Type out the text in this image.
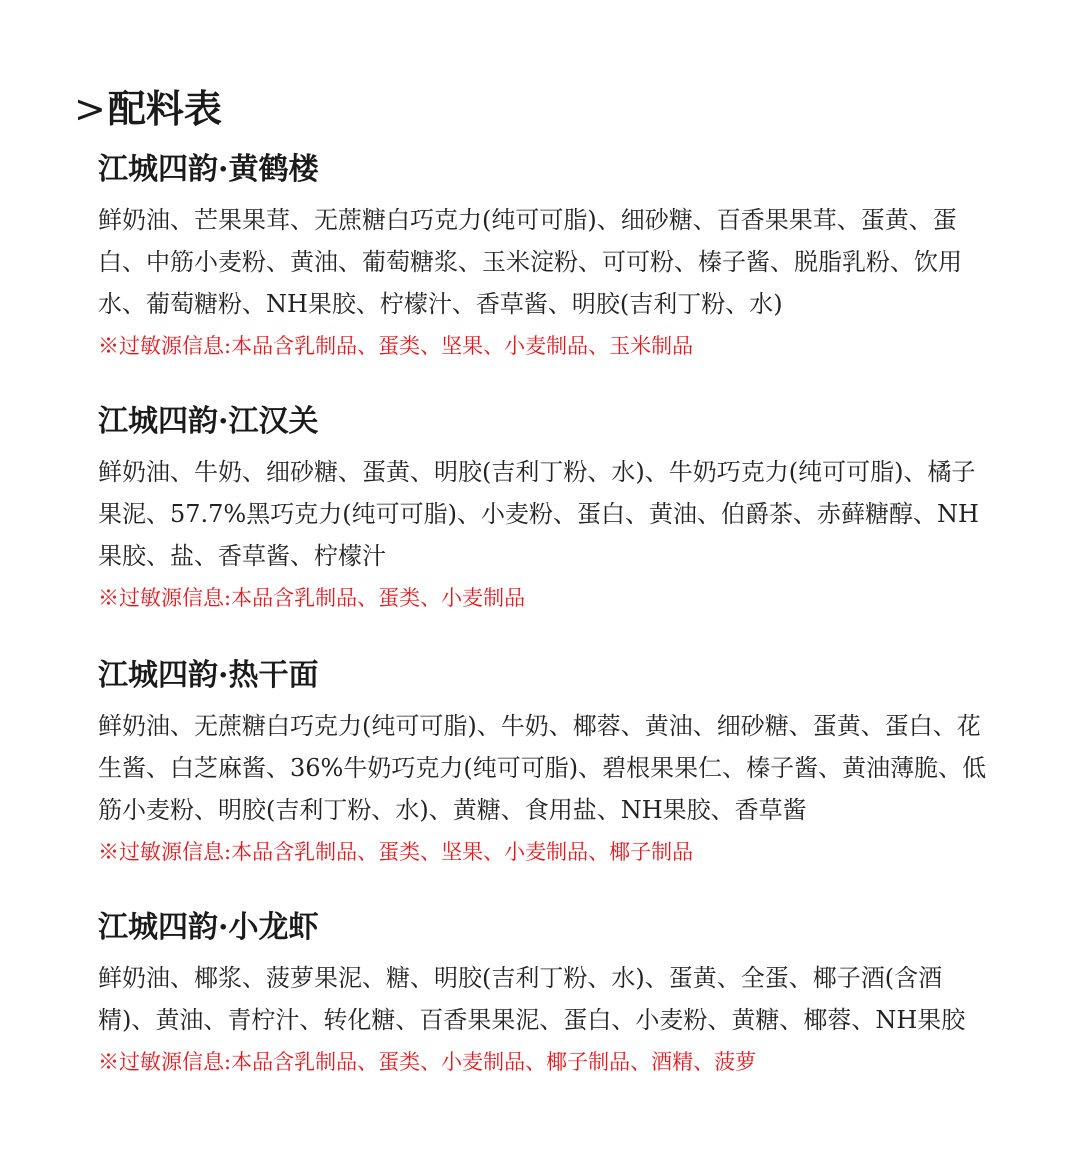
>配料表
江城四韵·黄鹤楼
鲜奶油、芒果果茸、无蔗糖白巧克力(纯可可脂)、细砂糖、百香果果茸、蛋黄、蛋白、中筋小麦粉、黄油、葡萄糖浆、玉米淀粉、可可粉、榛子酱、脱脂乳粉、饮用水、葡萄糖粉、NH果胶、柠檬汁、香草酱、明胶(吉利丁粉、水)
※过敏源信息:本品含乳制品、蛋类、坚果、小麦制品、玉米制品
江城四韵·江汉关
鲜奶油、牛奶、细砂糖、蛋黄、明胶(吉利丁粉、水)、牛奶巧克力(纯可可脂)、橘子果泥、57.7%黑巧克力(纯可可脂)、小麦粉、蛋白、黄油、伯爵茶、赤藓糖醇、NH果胶、盐、香草酱、柠檬汁
※过敏源信息:本品含乳制品、蛋类、小麦制品
江城四韵·热干面
鲜奶油、无蔗糖白巧克力(纯可可脂)、牛奶、椰蓉、黄油、细砂糖、蛋黄、蛋白、花生酱、白芝麻酱、36%牛奶巧克力(纯可可脂)、碧根果果仁、榛子酱、黄油薄脆、低筋小麦粉、明胶(吉利丁粉、水)、黄糖、食用盐、NH果胶、香草酱
※过敏源信息:本品含乳制品、蛋类、坚果、小麦制品、椰子制品
江城四韵·小龙虾
鲜奶油、椰浆、菠萝果泥、糖、明胶(吉利丁粉、水)、蛋黄、全蛋、椰子酒(含酒精)、黄油、青柠汁、转化糖、百香果果泥、蛋白、小麦粉、黄糖、椰蓉、NH果胶
※过敏源信息:本品含乳制品、蛋类、小麦制品、椰子制品、酒精、菠萝
